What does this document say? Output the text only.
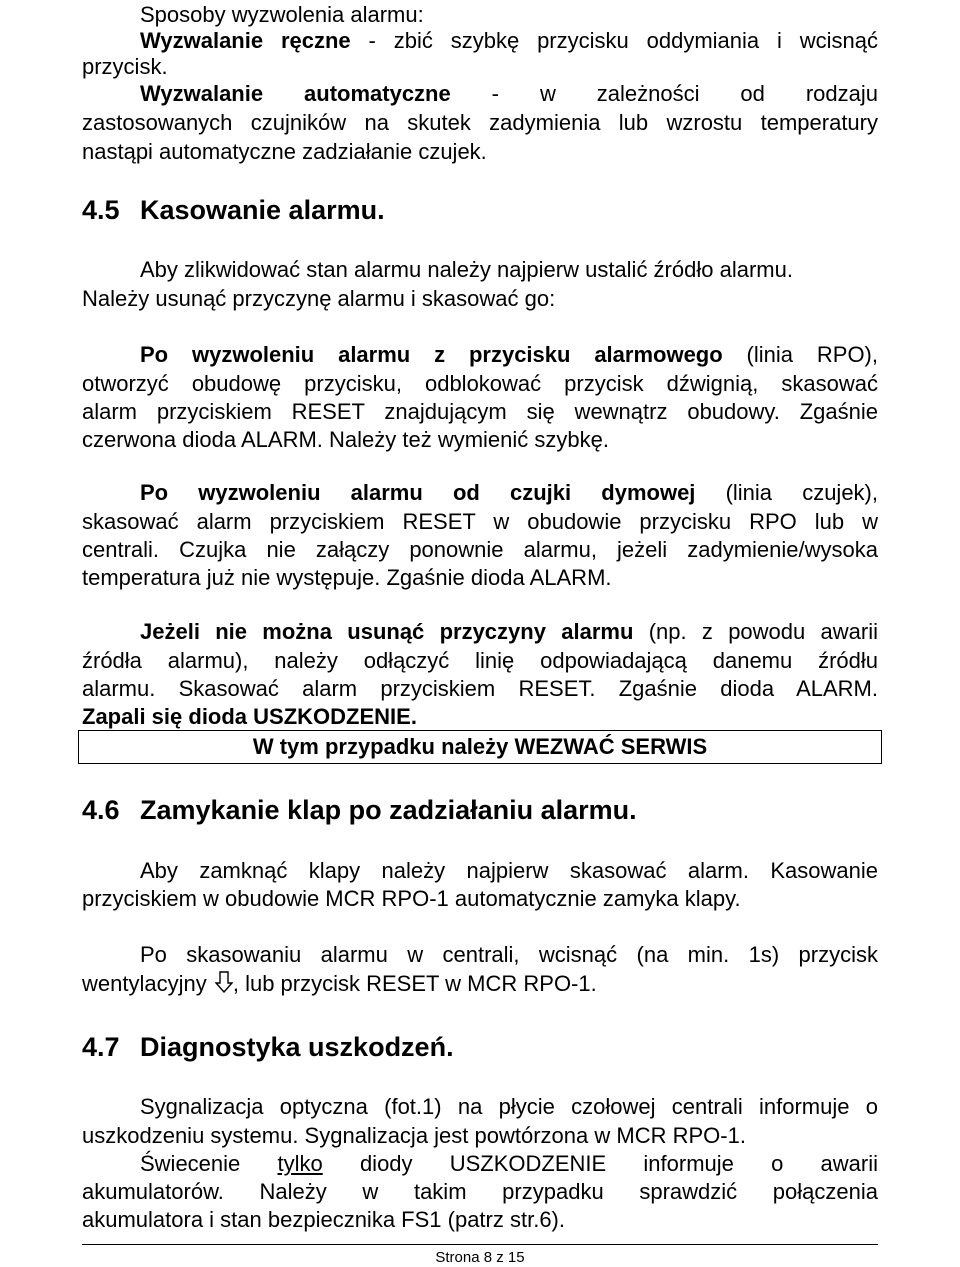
Sposoby wyzwolenia alarmu:
Wyzwalanie ręczne - zbić szybkę przycisku oddymiania i wcisnąć
przycisk.
Wyzwalanie automatyczne - w zależności od rodzaju
zastosowanych czujników na skutek zadymienia lub wzrostu temperatury
nastąpi automatyczne zadziałanie czujek.
4.5 Kasowanie alarmu.
Aby zlikwidować stan alarmu należy najpierw ustalić źródło alarmu.
Należy usunąć przyczynę alarmu i skasować go:
Po wyzwoleniu alarmu z przycisku alarmowego (linia RPO),
otworzyć obudowę przycisku, odblokować przycisk dźwignią, skasować
alarm przyciskiem RESET znajdującym się wewnątrz obudowy. Zgaśnie
czerwona dioda ALARM. Należy też wymienić szybkę.
Po wyzwoleniu alarmu od czujki dymowej (linia czujek),
skasować alarm przyciskiem RESET w obudowie przycisku RPO lub w
centrali. Czujka nie załączy ponownie alarmu, jeżeli zadymienie/wysoka
temperatura już nie występuje. Zgaśnie dioda ALARM.
Jeżeli nie można usunąć przyczyny alarmu (np. z powodu awarii
źródła alarmu), należy odłączyć linię odpowiadającą danemu źródłu
alarmu. Skasować alarm przyciskiem RESET. Zgaśnie dioda ALARM.
Zapali się dioda USZKODZENIE.
W tym przypadku należy WEZWAĆ SERWIS
4.6 Zamykanie klap po zadziałaniu alarmu.
Aby zamknąć klapy należy najpierw skasować alarm. Kasowanie
przyciskiem w obudowie MCR RPO-1 automatycznie zamyka klapy.
Po skasowaniu alarmu w centrali, wcisnąć (na min. 1s) przycisk
wentylacyjny , lub przycisk RESET w MCR RPO-1.
4.7 Diagnostyka uszkodzeń.
Sygnalizacja optyczna (fot.1) na płycie czołowej centrali informuje o
uszkodzeniu systemu. Sygnalizacja jest powtórzona w MCR RPO-1.
Świecenie tylko diody USZKODZENIE informuje o awarii
akumulatorów. Należy w takim przypadku sprawdzić połączenia
akumulatora i stan bezpiecznika FS1 (patrz str.6).
Strona 8 z 15
